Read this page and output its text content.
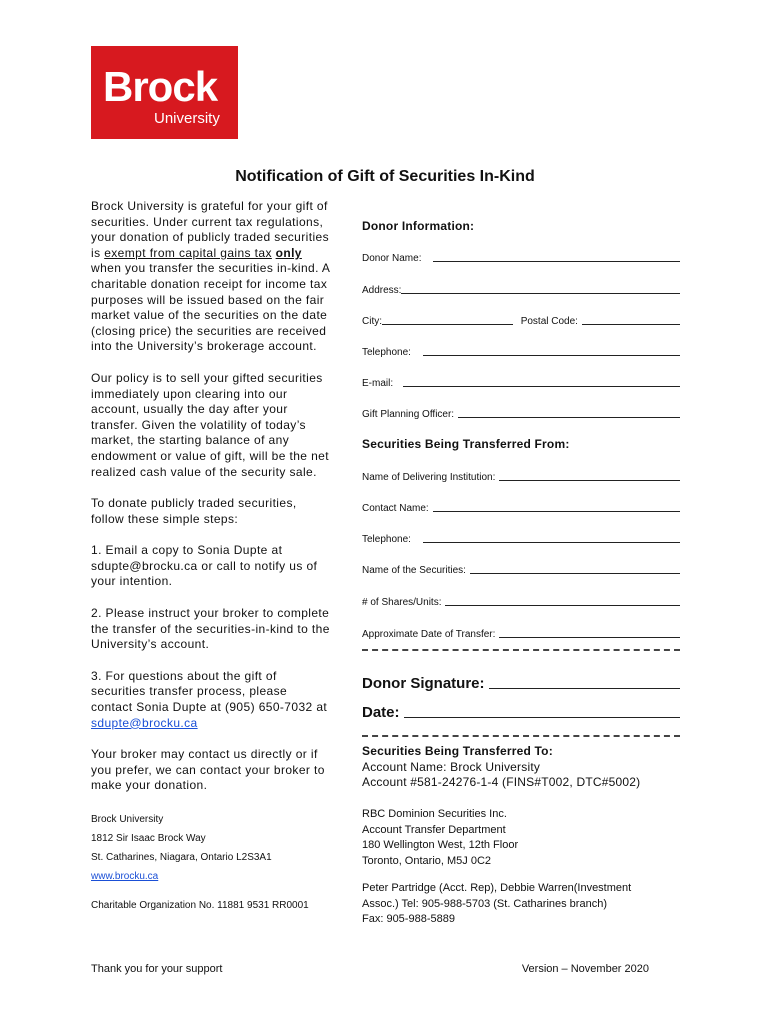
Brock
University
Notification of Gift of Securities In-Kind

Brock University is grateful for your gift of securities. Under current tax regulations, your donation of publicly traded securities is exempt from capital gains tax only when you transfer the securities in-kind. A charitable donation receipt for income tax purposes will be issued based on the fair market value of the securities on the date (closing price) the securities are received into the University’s brokerage account.

Our policy is to sell your gifted securities immediately upon clearing into our account, usually the day after your transfer. Given the volatility of today’s market, the starting balance of any endowment or value of gift, will be the net realized cash value of the security sale.

To donate publicly traded securities, follow these simple steps:

1. Email a copy to Sonia Dupte at sdupte@brocku.ca or call to notify us of your intention.

2. Please instruct your broker to complete the transfer of the securities-in-kind to the University’s account.

3. For questions about the gift of securities transfer process, please contact Sonia Dupte at (905) 650-7032 at sdupte@brocku.ca

Your broker may contact us directly or if you prefer, we can contact your broker to make your donation.

Brock University
1812 Sir Isaac Brock Way
St. Catharines, Niagara, Ontario L2S3A1
www.brocku.ca
Charitable Organization No. 11881 9531 RR0001
Thank you for your support	Version – November 2020
Donor Information:
Donor Name:
Address:
City:	Postal Code:
Telephone:
E-mail:
Gift Planning Officer:
Securities Being Transferred From:
Name of Delivering Institution:
Contact Name:
Telephone:
Name of the Securities:
# of Shares/Units:
Approximate Date of Transfer:
Donor Signature:
Date:
Securities Being Transferred To:
Account Name: Brock University
Account #581-24276-1-4 (FINS#T002, DTC#5002)
RBC Dominion Securities Inc.
Account Transfer Department
180 Wellington West, 12th Floor
Toronto, Ontario, M5J 0C2
Peter Partridge (Acct. Rep), Debbie Warren(Investment
Assoc.) Tel: 905-988-5703 (St. Catharines branch)
Fax: 905-988-5889
